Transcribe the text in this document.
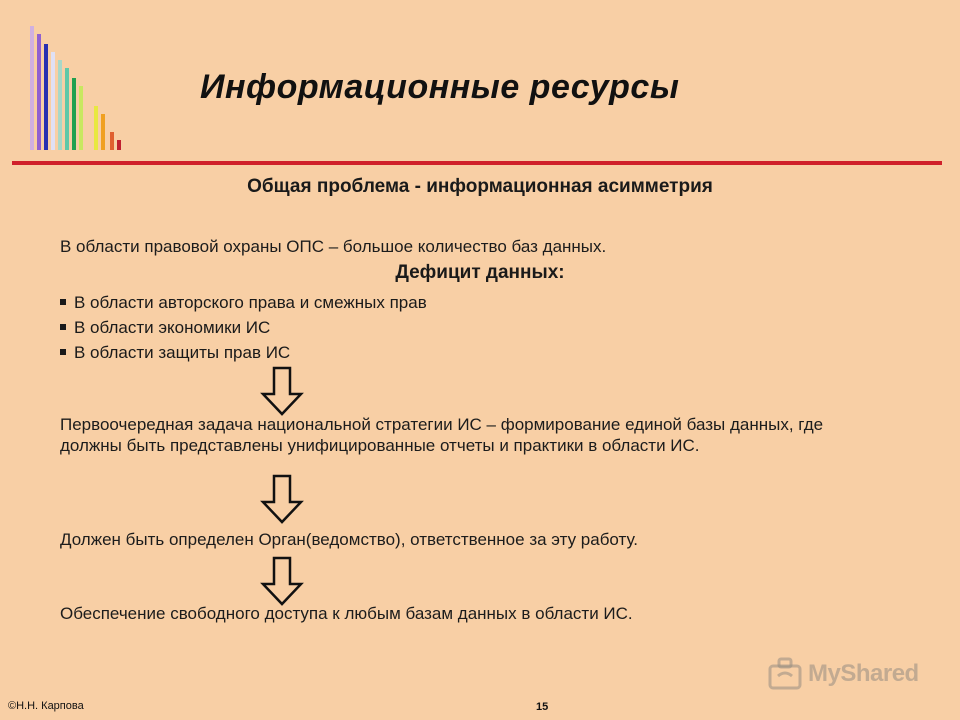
Информационные ресурсы
Общая проблема - информационная асимметрия
В области правовой охраны ОПС – большое количество баз данных.
Дефицит данных:
В области авторского права и смежных прав
В области экономики ИС
В области защиты прав ИС
Первоочередная задача национальной стратегии ИС – формирование единой базы данных, где должны быть представлены унифицированные отчеты и практики в области ИС.
Должен быть определен Орган(ведомство), ответственное за эту работу.
Обеспечение свободного доступа к любым базам данных в области ИС.
MyShared
©Н.Н. Карпова	15
